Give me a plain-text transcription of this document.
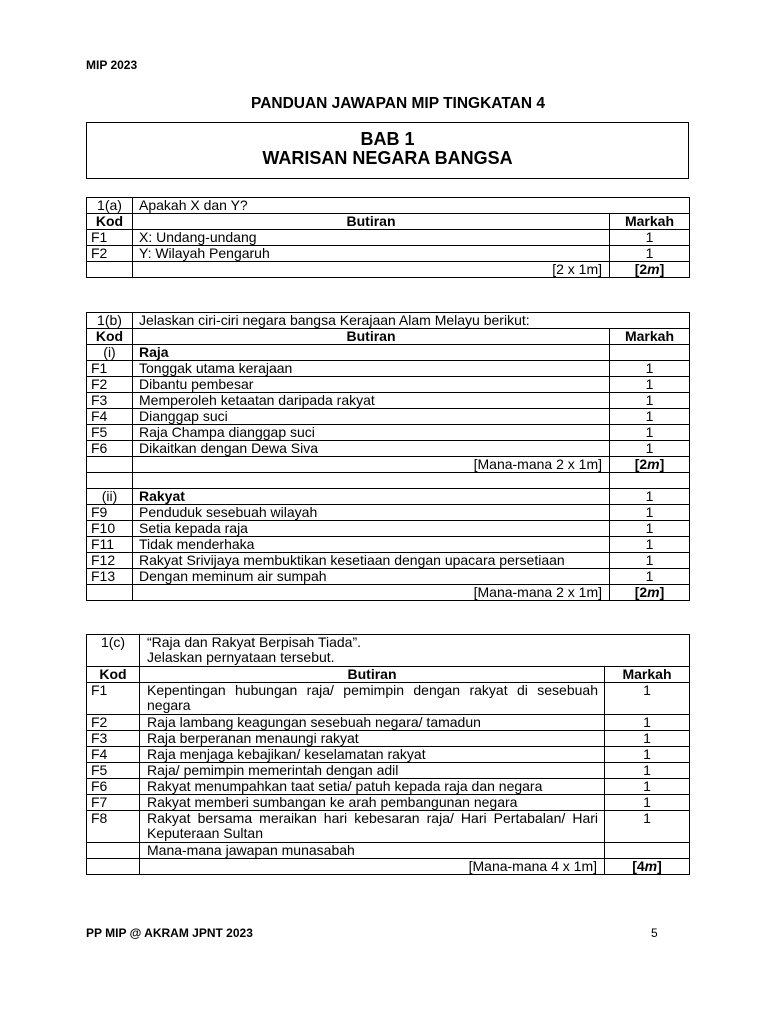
MIP 2023
PANDUAN JAWAPAN MIP TINGKATAN 4
BAB 1
WARISAN NEGARA BANGSA
1(a)	Apakah X dan Y?	

Kod	Butiran	Markah
F1	X: Undang-undang	1
F2	Y: Wilayah Pengaruh	1
	[2 x 1m]	[2m]
1(b)	Jelaskan ciri-ciri negara bangsa Kerajaan Alam Melayu berikut:	

Kod	Butiran	Markah
(i)	Raja	
F1	Tonggak utama kerajaan	1
F2	Dibantu pembesar	1
F3	Memperoleh ketaatan daripada rakyat	1
F4	Dianggap suci	1
F5	Raja Champa dianggap suci	1
F6	Dikaitkan dengan Dewa Siva	1
	[Mana-mana 2 x 1m]	[2m]

(ii)	Rakyat	1
F9	Penduduk sesebuah wilayah	1
F10	Setia kepada raja	1
F11	Tidak menderhaka	1
F12	Rakyat Srivijaya membuktikan kesetiaan dengan upacara persetiaan	1
F13	Dengan meminum air sumpah	1
	[Mana-mana 2 x 1m]	[2m]
1(c)	“Raja dan Rakyat Berpisah Tiada”.
Jelaskan pernyataan tersebut.	

Kod	Butiran	Markah
F1	Kepentingan hubungan raja/ pemimpin dengan rakyat di sesebuah
negara	1
F2	Raja lambang keagungan sesebuah negara/ tamadun	1
F3	Raja berperanan menaungi rakyat	1
F4	Raja menjaga kebajikan/ keselamatan rakyat	1
F5	Raja/ pemimpin memerintah dengan adil	1
F6	Rakyat menumpahkan taat setia/ patuh kepada raja dan negara	1
F7	Rakyat memberi sumbangan ke arah pembangunan negara	1
F8	Rakyat bersama meraikan hari kebesaran raja/ Hari Pertabalan/ Hari
Keputeraan Sultan	1
	Mana-mana jawapan munasabah	
	[Mana-mana 4 x 1m]	[4m]
PP MIP @ AKRAM JPNT 2023	5
